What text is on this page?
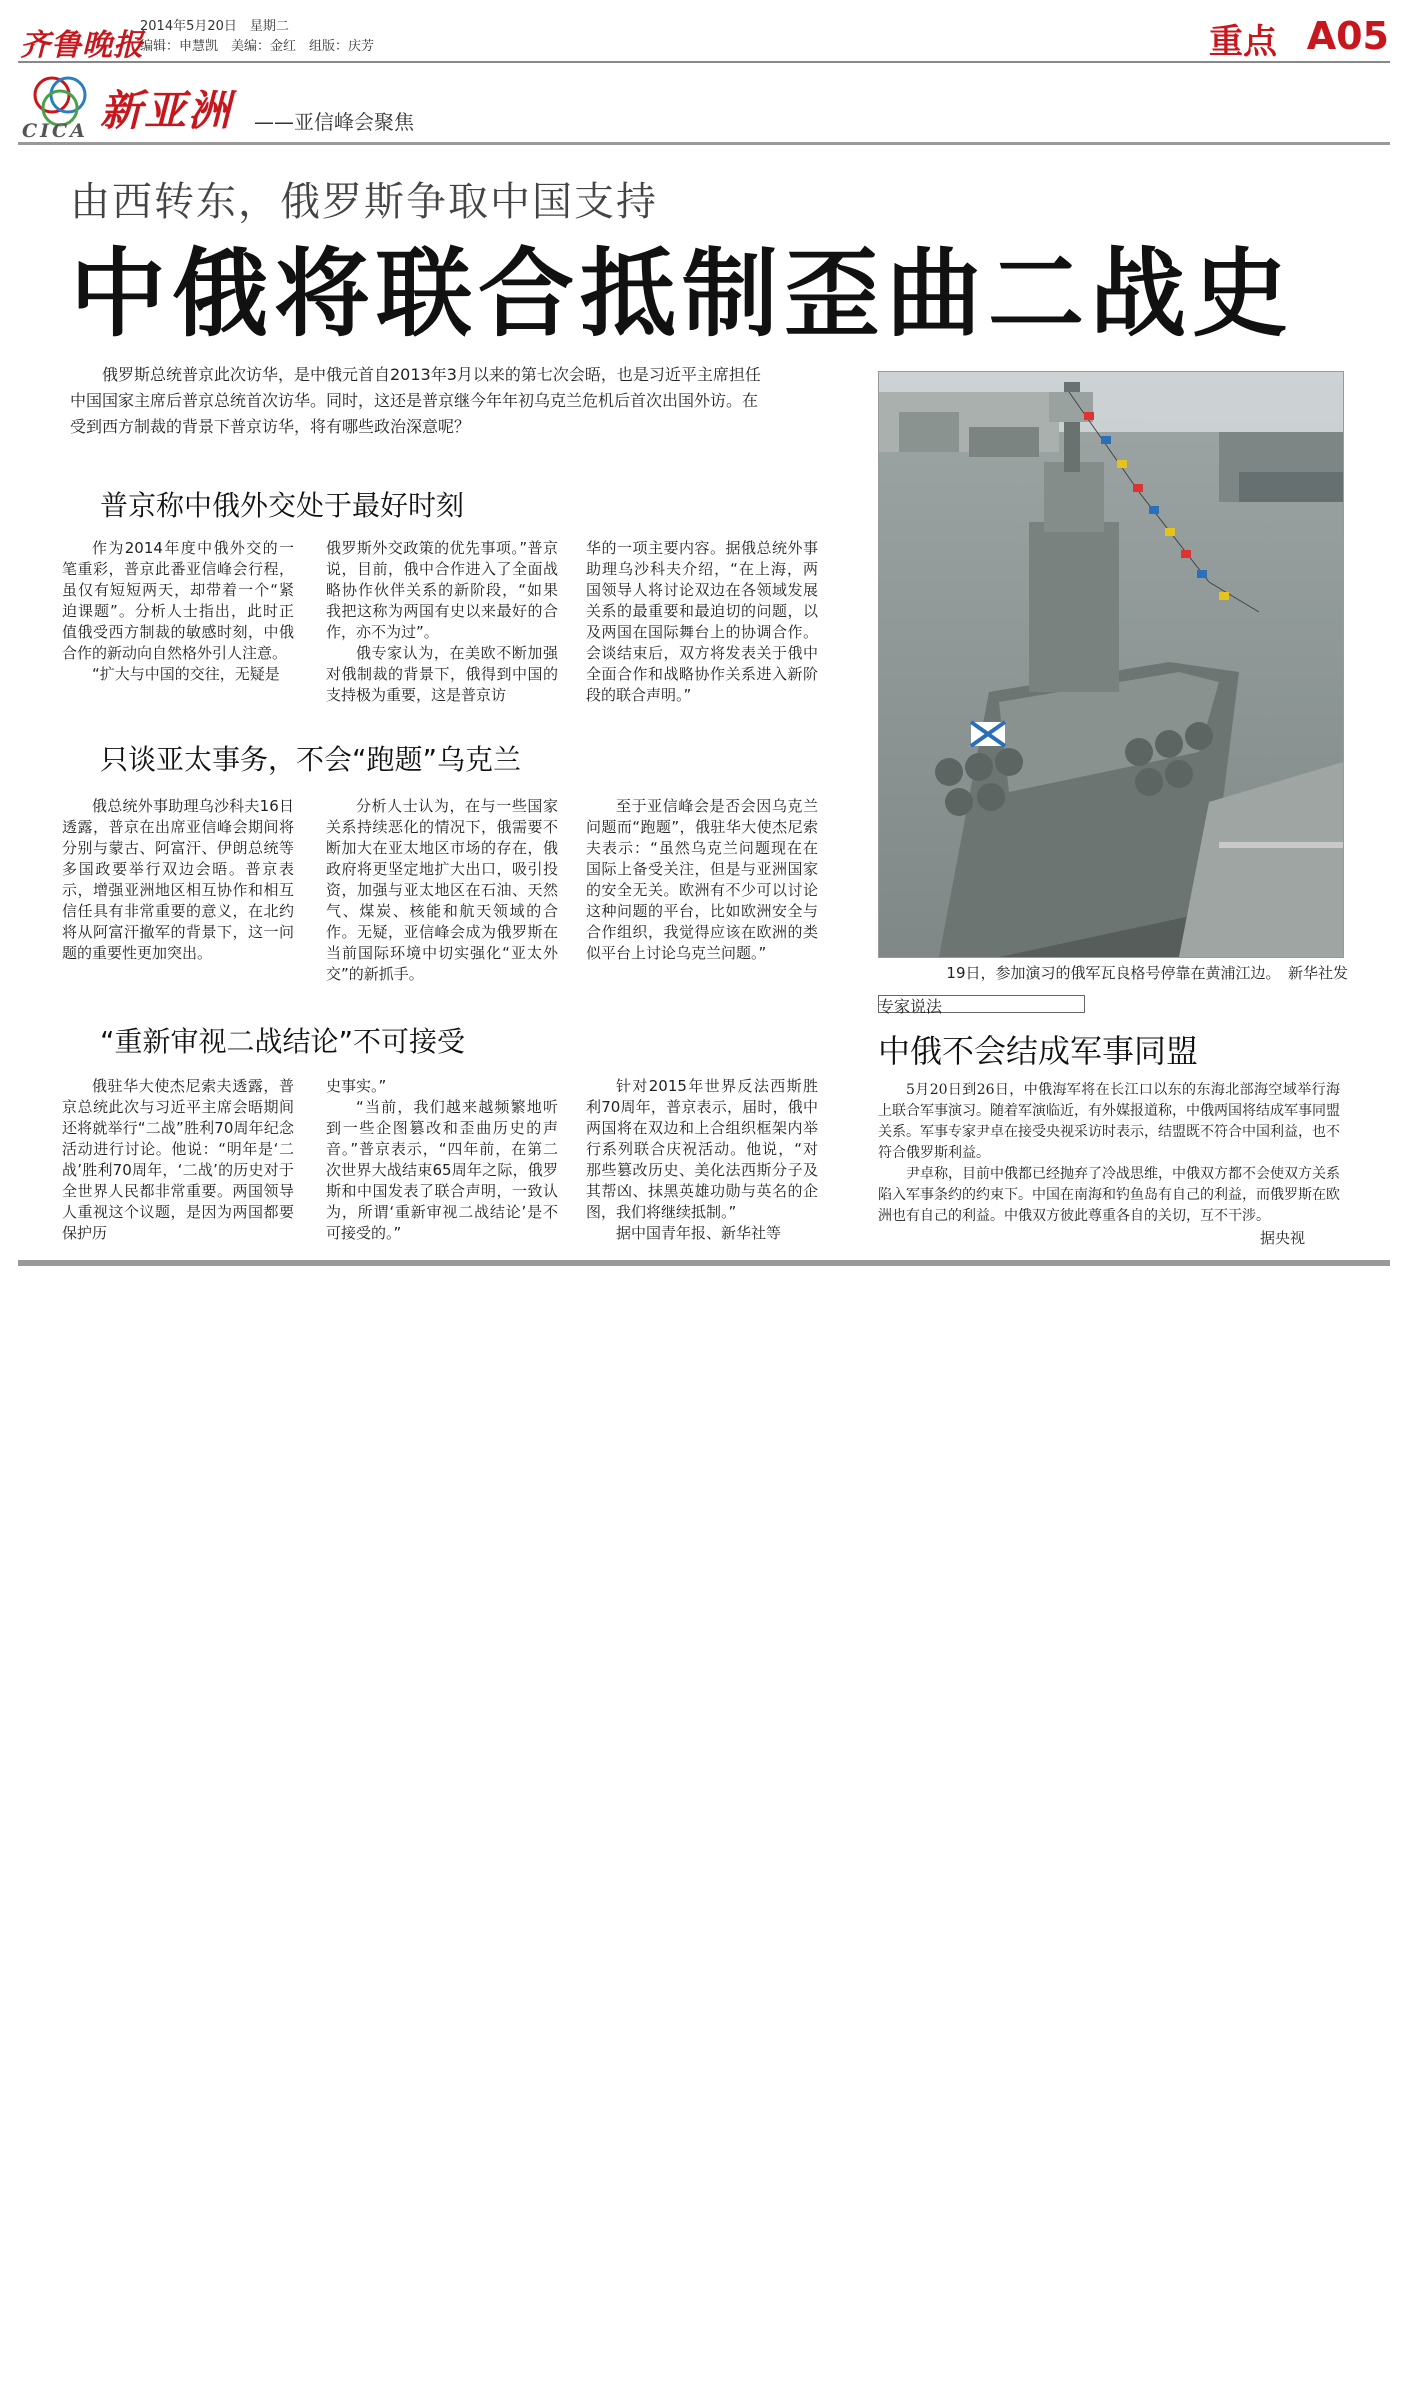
齐鲁晚报
2014年5月20日　星期二
编辑：申慧凯　美编：金红　组版：庆芳	重点 A05
CICA 新亚洲 ——亚信峰会聚焦
由西转东，俄罗斯争取中国支持
中俄将联合抵制歪曲二战史
俄罗斯总统普京此次访华，是中俄元首自2013年3月以来的第七次会晤，也是习近平主席担任中国国家主席后普京总统首次访华。同时，这还是普京继今年年初乌克兰危机后首次出国外访。在受到西方制裁的背景下普京访华，将有哪些政治深意呢？
普京称中俄外交处于最好时刻

作为2014年度中俄外交的一笔重彩，普京此番亚信峰会行程，虽仅有短短两天，却带着一个“紧迫课题”。分析人士指出，此时正值俄受西方制裁的敏感时刻，中俄合作的新动向自然格外引人注意。

“扩大与中国的交往，无疑是

俄罗斯外交政策的优先事项。”普京说，目前，俄中合作进入了全面战略协作伙伴关系的新阶段，“如果我把这称为两国有史以来最好的合作，亦不为过”。

俄专家认为，在美欧不断加强对俄制裁的背景下，俄得到中国的支持极为重要，这是普京访

华的一项主要内容。据俄总统外事助理乌沙科夫介绍，“在上海，两国领导人将讨论双边在各领域发展关系的最重要和最迫切的问题，以及两国在国际舞台上的协调合作。会谈结束后，双方将发表关于俄中全面合作和战略协作关系进入新阶段的联合声明。”

只谈亚太事务，不会“跑题”乌克兰

俄总统外事助理乌沙科夫16日透露，普京在出席亚信峰会期间将分别与蒙古、阿富汗、伊朗总统等多国政要举行双边会晤。普京表示，增强亚洲地区相互协作和相互信任具有非常重要的意义，在北约将从阿富汗撤军的背景下，这一问题的重要性更加突出。

分析人士认为，在与一些国家关系持续恶化的情况下，俄需要不断加大在亚太地区市场的存在，俄政府将更坚定地扩大出口，吸引投资，加强与亚太地区在石油、天然气、煤炭、核能和航天领域的合作。无疑，亚信峰会成为俄罗斯在当前国际环境中切实强化“亚太外交”的新抓手。

至于亚信峰会是否会因乌克兰问题而“跑题”，俄驻华大使杰尼索夫表示：“虽然乌克兰问题现在在国际上备受关注，但是与亚洲国家的安全无关。欧洲有不少可以讨论这种问题的平台，比如欧洲安全与合作组织，我觉得应该在欧洲的类似平台上讨论乌克兰问题。”

“重新审视二战结论”不可接受

俄驻华大使杰尼索夫透露，普京总统此次与习近平主席会晤期间还将就举行“二战”胜利70周年纪念活动进行讨论。他说：“明年是‘二战’胜利70周年，‘二战’的历史对于全世界人民都非常重要。两国领导人重视这个议题，是因为两国都要保护历

史事实。”

“当前，我们越来越频繁地听到一些企图篡改和歪曲历史的声音。”普京表示，“四年前，在第二次世界大战结束65周年之际，俄罗斯和中国发表了联合声明，一致认为，所谓‘重新审视二战结论’是不可接受的。”

针对2015年世界反法西斯胜利70周年，普京表示，届时，俄中两国将在双边和上合组织框架内举行系列联合庆祝活动。他说，“对那些篡改历史、美化法西斯分子及其帮凶、抹黑英雄功勋与英名的企图，我们将继续抵制。”

据中国青年报、新华社等

19日，参加演习的俄军瓦良格号停靠在黄浦江边。　新华社发
专家说法
中俄不会结成军事同盟

5月20日到26日，中俄海军将在长江口以东的东海北部海空域举行海上联合军事演习。随着军演临近，有外媒报道称，中俄两国将结成军事同盟关系。军事专家尹卓在接受央视采访时表示，结盟既不符合中国利益，也不符合俄罗斯利益。

尹卓称，目前中俄都已经抛弃了冷战思维，中俄双方都不会使双方关系陷入军事条约的约束下。中国在南海和钓鱼岛有自己的利益，而俄罗斯在欧洲也有自己的利益。中俄双方彼此尊重各自的关切，互不干涉。

据央视
